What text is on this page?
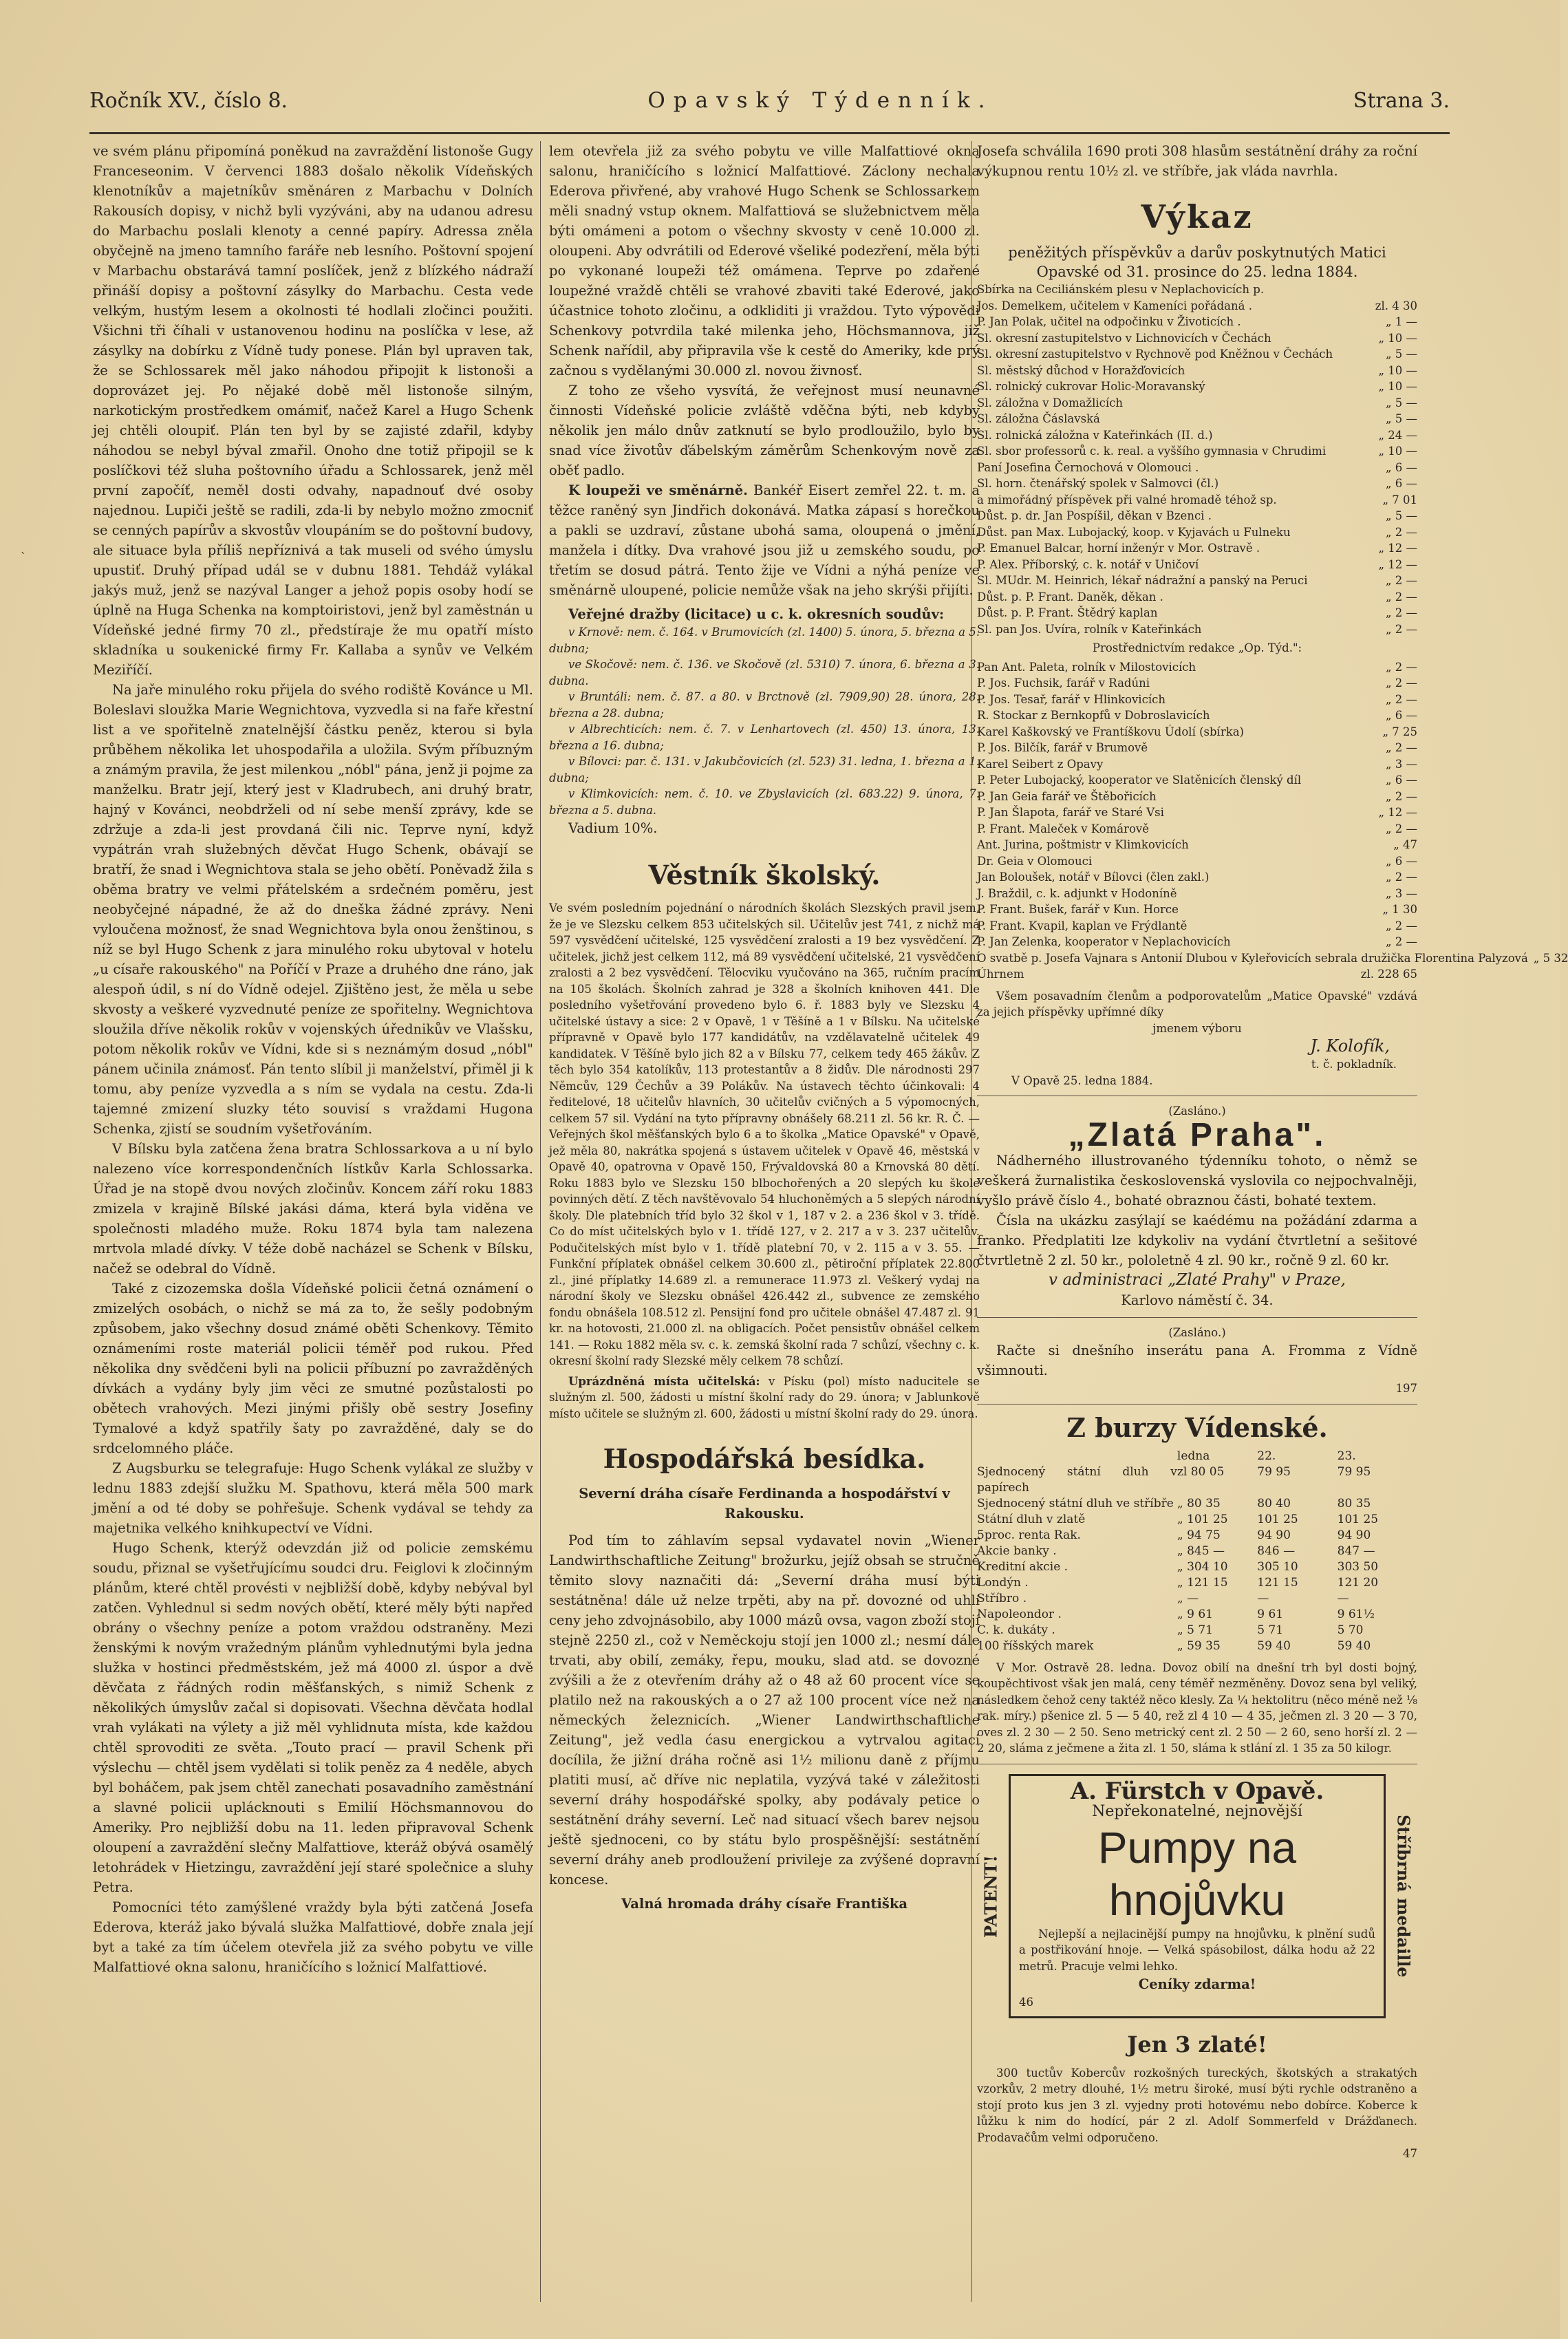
Ročník XV., číslo 8.	Opavský Týdenník.	Strana 3.

ve svém plánu připomíná poněkud na zavraždění listonoše Gugy Franceseonim. V červenci 1883 došalo několik Vídeňských klenotníkův a majetníkův směnáren z Marbachu v Dolních Rakousích dopisy, v nichž byli vyzýváni, aby na udanou adresu do Marbachu poslali klenoty a cenné papíry. Adressa zněla obyčejně na jmeno tamního faráře neb lesního. Poštovní spojení v Marbachu obstarává tamní poslíček, jenž z blízkého nádraží přináší dopisy a poštovní zásylky do Marbachu. Cesta vede velkým, hustým lesem a okolnosti té hodlali zločinci použiti. Všichni tři číhali v ustanovenou hodinu na poslíčka v lese, až zásylky na dobírku z Vídně tudy ponese. Plán byl upraven tak, že se Schlossarek měl jako náhodou připojit k listonoši a doprovázet jej. Po nějaké době měl listonoše silným, narkotickým prostředkem omámiť, načež Karel a Hugo Schenk jej chtěli oloupiť. Plán ten byl by se zajisté zdařil, kdyby náhodou se nebyl býval zmařil. Onoho dne totiž připojil se k poslíčkovi též sluha poštovního úřadu a Schlossarek, jenž měl první započíť, neměl dosti odvahy, napadnouť dvé osoby najednou. Lupiči ještě se radili, zda-li by nebylo možno zmocniť se cenných papírův a skvostův vloupáním se do poštovní budovy, ale situace byla příliš nepříznivá a tak museli od svého úmyslu upustiť. Druhý případ udál se v dubnu 1881. Tehdáž vylákal jakýs muž, jenž se nazýval Langer a jehož popis osoby hodí se úplně na Huga Schenka na komptoiristovi, jenž byl zaměstnán u Vídeňské jedné firmy 70 zl., předstíraje že mu opatří místo skladníka u soukenické firmy Fr. Kallaba a synův ve Velkém Meziříčí.

Na jaře minulého roku přijela do svého rodiště Kovánce u Ml. Boleslavi sloužka Marie Wegnichtova, vyzvedla si na faře křestní list a ve spořitelně znatelnější částku peněz, kterou si byla průběhem několika let uhospodařila a uložila. Svým příbuzným a známým pravila, že jest milenkou „nóbl" pána, jenž ji pojme za manželku. Bratr její, který jest v Kladrubech, ani druhý bratr, hajný v Kovánci, neobdrželi od ní sebe menší zprávy, kde se zdržuje a zda-li jest provdaná čili nic. Teprve nyní, když vypátrán vrah služebných děvčat Hugo Schenk, obávají se bratří, že snad i Wegnichtova stala se jeho obětí. Poněvadž žila s oběma bratry ve velmi přátelském a srdečném poměru, jest neobyčejné nápadné, že až do dneška žádné zprávy. Neni vyloučena možnosť, že snad Wegnichtova byla onou ženštinou, s níž se byl Hugo Schenk z jara minulého roku ubytoval v hotelu „u císaře rakouského" na Poříčí v Praze a druhého dne ráno, jak alespoň údil, s ní do Vídně odejel. Zjištěno jest, že měla u sebe skvosty a veškeré vyzvednuté peníze ze spořitelny. Wegnichtova sloužila dříve několik rokův v vojenských úřednikův ve Vlašsku, potom několik rokův ve Vídni, kde si s neznámým dosud „nóbl" pánem učinila známosť. Pán tento slíbil ji manželství, přiměl ji k tomu, aby peníze vyzvedla a s ním se vydala na cestu. Zda-li tajemné zmizení sluzky této souvisí s vraždami Hugona Schenka, zjistí se soudním vyšetřováním.

V Bílsku byla zatčena žena bratra Schlossarkova a u ní bylo nalezeno více korrespondenčních lístkův Karla Schlossarka. Úřad je na stopě dvou nových zločinův. Koncem září roku 1883 zmizela v krajině Bílské jakási dáma, která byla viděna ve společnosti mladého muže. Roku 1874 byla tam nalezena mrtvola mladé dívky. V téže době nacházel se Schenk v Bílsku, načež se odebral do Vídně.

Také z cizozemska došla Vídeňské policii četná oznámení o zmizelých osobách, o nichž se má za to, že sešly podobným způsobem, jako všechny dosud známé oběti Schenkovy. Těmito oznámeními roste materiál policii téměř pod rukou. Před několika dny svědčeni byli na policii příbuzní po zavražděných dívkách a vydány byly jim věci ze smutné pozůstalosti po obětech vrahových. Mezi jinými přišly obě sestry Josefiny Tymalové a když spatřily šaty po zavražděné, daly se do srdcelomného pláče.

Z Augsburku se telegrafuje: Hugo Schenk vylákal ze služby v lednu 1883 zdejší služku M. Spathovu, která měla 500 mark jmění a od té doby se pohřešuje. Schenk vydával se tehdy za majetnika velkého knihkupectví ve Vídni.

Hugo Schenk, kterýž odevzdán již od policie zemskému soudu, přiznal se vyšetřujícímu soudci dru. Feiglovi k zločinným plánům, které chtěl provésti v nejbližší době, kdyby nebýval byl zatčen. Vyhlednul si sedm nových obětí, které měly býti napřed obrány o všechny peníze a potom vraždou odstraněny. Mezi ženskými k novým vražedným plánům vyhlednutými byla jedna služka v hostinci předměstském, jež má 4000 zl. úspor a dvě děvčata z řádných rodin měšťanských, s nimiž Schenk z několikých úmyslův začal si dopisovati. Všechna děvčata hodlal vrah vylákati na výlety a již měl vyhlidnuta místa, kde každou chtěl sprovoditi ze světa. „Touto prací — pravil Schenk při výslechu — chtěl jsem vydělati si tolik peněz za 4 neděle, abych byl boháčem, pak jsem chtěl zanechati posavadního zaměstnání a slavné policii uplácknouti s Emilií Höchsmannovou do Ameriky. Pro nejbližší dobu na 11. leden připravoval Schenk oloupení a zavraždění slečny Malfattiove, kteráž obývá osamělý letohrádek v Hietzingu, zavraždění její staré společnice a sluhy Petra.

Pomocníci této zamýšlené vraždy byla býti zatčená Josefa Ederova, kteráž jako bývalá služka Malfattiové, dobře znala její byt a také za tím účelem otevřela již za svého pobytu ve ville Malfattiové okna salonu, hraničícího s ložnicí Malfattiové.

lem otevřela již za svého pobytu ve ville Malfattiové okna salonu, hraničícího s ložnicí Malfattiové. Záclony nechala Ederova přivřené, aby vrahové Hugo Schenk se Schlossarkem měli snadný vstup oknem. Malfattiová se služebnictvem měla býti omámeni a potom o všechny skvosty v ceně 10.000 zl. oloupeni. Aby odvrátili od Ederové všeliké podezření, měla býti po vykonané loupeži též omámena. Teprve po zdařené loupežné vraždě chtěli se vrahové zbaviti také Ederové, jako účastnice tohoto zločinu, a odkliditi ji vraždou. Tyto výpovědi Schenkovy potvrdila také milenka jeho, Höchsmannova, již Schenk nařídil, aby připravila vše k cestě do Ameriky, kde prý začnou s vydělanými 30.000 zl. novou živnosť.

Z toho ze všeho vysvítá, že veřejnost musí neunavné činnosti Vídeňské policie zvláště vděčna býti, neb kdyby několik jen málo dnův zatknutí se bylo prodloužilo, bylo by snad více životův ďábelským záměrům Schenkovým nově za oběť padlo.

K loupeži ve směnárně. Bankéř Eisert zemřel 22. t. m. a těžce raněný syn Jindřich dokonává. Matka zápasí s horečkou a pakli se uzdraví, zůstane ubohá sama, oloupená o jmění, manžela i dítky. Dva vrahové jsou již u zemského soudu, po třetím se dosud pátrá. Tento žije ve Vídni a nýhá peníze ve směnárně uloupené, policie nemůže však na jeho skrýši přijíti.

Veřejné dražby (licitace) u c. k. okresních soudův:

v Krnově: nem. č. 164. v Brumovicích (zl. 1400) 5. února, 5. března a 5. dubna;

ve Skočově: nem. č. 136. ve Skočově (zl. 5310) 7. února, 6. března a 3. dubna.

v Bruntáli: nem. č. 87. a 80. v Brctnově (zl. 7909,90) 28. února, 28. března a 28. dubna;

v Albrechticích: nem. č. 7. v Lenhartovech (zl. 450) 13. února, 13. března a 16. dubna;

v Bílovci: par. č. 131. v Jakubčovicích (zl. 523) 31. ledna, 1. března a 1. dubna;

v Klimkovicích: nem. č. 10. ve Zbyslavicích (zl. 683.22) 9. února, 7. března a 5. dubna.

Vadium 10%.

Věstník školský.
Ve svém posledním pojednání o národních školách Slezských pravil jsem, že je ve Slezsku celkem 853 učitelských sil. Učitelův jest 741, z nichž má 597 vysvědčení učitelské, 125 vysvědčení zralosti a 19 bez vysvědčení. Z učitelek, jichž jest celkem 112, má 89 vysvědčení učitelské, 21 vysvědčení zralosti a 2 bez vysvědčení. Tělocviku vyučováno na 365, ručním pracím na 105 školách. Školních zahrad je 328 a školních knihoven 441. Dle posledního vyšetřování provedeno bylo 6. ř. 1883 byly ve Slezsku 4 učitelské ústavy a sice: 2 v Opavě, 1 v Těšíně a 1 v Bílsku. Na učitelské přípravně v Opavě bylo 177 kandidátův, na vzdělavatelně učitelek 49 kandidatek. V Těšíně bylo jich 82 a v Bílsku 77, celkem tedy 465 žákův. Z těch bylo 354 katolíkův, 113 protestantův a 8 židův. Dle národnosti 297 Němcův, 129 Čechův a 39 Polákův. Na ústavech těchto účinkovali: 4 ředitelové, 18 učitelův hlavních, 30 učitelův cvičných a 5 výpomocných, celkem 57 sil. Vydání na tyto přípravny obnášely 68.211 zl. 56 kr. R. Č. — Veřejných škol měšťanských bylo 6 a to školka „Matice Opavské" v Opavě, jež měla 80, nakrátka spojená s ústavem učitelek v Opavě 46, městská v Opavě 40, opatrovna v Opavě 150, Frývaldovská 80 a Krnovská 80 dětí. Roku 1883 bylo ve Slezsku 150 blbochořených a 20 slepých ku škole povinných dětí. Z těch navštěvovalo 54 hluchoněmých a 5 slepých národní školy. Dle platebních tříd bylo 32 škol v 1, 187 v 2. a 236 škol v 3. třídě. Co do míst učitelských bylo v 1. třídě 127, v 2. 217 a v 3. 237 učitelův. Podučitelských míst bylo v 1. třídě platební 70, v 2. 115 a v 3. 55. — Funkční příplatek obnášel celkem 30.600 zl., pětiroční příplatek 22.800 zl., jiné příplatky 14.689 zl. a remunerace 11.973 zl. Veškerý vydaj na národní školy ve Slezsku obnášel 426.442 zl., subvence ze zemského fondu obnášela 108.512 zl. Pensijní fond pro učitele obnášel 47.487 zl. 91 kr. na hotovosti, 21.000 zl. na obligacích. Počet pensistův obnášel celkem 141. — Roku 1882 měla sv. c. k. zemská školní rada 7 schůzí, všechny c. k. okresní školní rady Slezské měly celkem 78 schůzí.

Uprázdněná místa učitelská: v Písku (pol) místo naducitele se služným zl. 500, žádosti u místní školní rady do 29. února; v Jablunkově místo učitele se služným zl. 600, žádosti u místní školní rady do 29. února.

Hospodářská besídka.
Severní dráha císaře Ferdinanda a hospodářství v Rakousku.

Pod tím to záhlavím sepsal vydavatel novin „Wiener Landwirthschaftliche Zeitung" brožurku, jejíž obsah se stručně těmito slovy naznačiti dá: „Severní dráha musí býti sestátněna! dále už nelze trpěti, aby na př. dovozné od uhlí ceny jeho zdvojnásobilo, aby 1000 mázů ovsa, vagon zboží stojí stejně 2250 zl., což v Neměckoju stojí jen 1000 zl.; nesmí dále trvati, aby obilí, zemáky, řepu, mouku, slad atd. se dovozné zvýšili a že z otevřením dráhy až o 48 až 60 procent více se platilo než na rakouských a o 27 až 100 procent více než na německých železnicích. „Wiener Landwirthschaftliche Zeitung", jež vedla ćasu energickou a vytrvalou agitaci docílila, že jižní dráha ročně asi 1½ milionu daně z příjmu platiti musí, ač dříve nic neplatila, vyzývá také v záležitosti severní dráhy hospodářské spolky, aby podávaly petice o sestátnění dráhy severní. Leč nad situací všech barev nejsou ještě sjednoceni, co by státu bylo prospěšnější: sestátnění severní dráhy aneb prodloužení privileje za zvýšené dopravní koncese.

Valná hromada dráhy císaře Františka

Josefa schválila 1690 proti 308 hlasům sestátnění dráhy za roční výkupnou rentu 10½ zl. ve stříbře, jak vláda navrhla.

Výkaz
peněžitých příspěvkův a darův poskytnutých Matici Opavské od 31. prosince do 25. ledna 1884.
Sbírka na Ceciliánském plesu v Neplachovicích p.
Jos. Demelkem, učitelem v Kameníci pořádaná .	zl. 4 30
P. Jan Polak, učitel na odpočinku v Životicích .	„ 1 —
Sl. okresní zastupitelstvo v Lichnovicích v Čechách	„ 10 —
Sl. okresní zastupitelstvo v Rychnově pod Kněžnou v Čechách	„ 5 —
Sl. městský důchod v Horažďovicích	„ 10 —
Sl. rolnický cukrovar Holic-Moravanský	„ 10 —
Sl. záložna v Domažlicích	„ 5 —
Sl. záložna Čáslavská	„ 5 —
Sl. rolnická záložna v Kateřinkách (II. d.)	„ 24 —
Sl. sbor professorů c. k. real. a vyššího gymnasia v Chrudimi	„ 10 —
Paní Josefina Černochová v Olomouci .	„ 6 —
Sl. horn. čtenářský spolek v Salmovci (čl.)	„ 6 —
a mimořádný příspěvek při valné hromadě téhož sp.	„ 7 01
Důst. p. dr. Jan Pospíšil, děkan v Bzenci .	„ 5 —
Důst. pan Max. Lubojacký, koop. v Kyjavách u Fulneku	„ 2 —
P. Emanuel Balcar, horní inženýr v Mor. Ostravě .	„ 12 —
P. Alex. Příborský, c. k. notář v Uničoví	„ 12 —
Sl. MUdr. M. Heinrich, lékař nádražní a panský na Peruci	„ 2 —
Důst. p. P. Frant. Daněk, děkan .	„ 2 —
Důst. p. P. Frant. Štědrý kaplan	„ 2 —
Sl. pan Jos. Uvíra, rolník v Kateřinkách	„ 2 —
Prostřednictvím redakce „Op. Týd.":
Pan Ant. Paleta, rolník v Milostovicích	„ 2 —
P. Jos. Fuchsik, farář v Radúni	„ 2 —
P. Jos. Tesař, farář v Hlinkovicích	„ 2 —
R. Stockar z Bernkopfů v Dobroslavicích	„ 6 —
Karel Kaškovský ve Frantíškovu Údolí (sbírka)	„ 7 25
P. Jos. Bilčík, farář v Brumově	„ 2 —
Karel Seibert z Opavy	„ 3 —
P. Peter Lubojacký, kooperator ve Slatěnicích členský díl	„ 6 —
P. Jan Geia farář ve Štěbořicích	„ 2 —
P. Jan Šlapota, farář ve Staré Vsi	„ 12 —
P. Frant. Maleček v Komárově	„ 2 —
Ant. Jurina, poštmistr v Klimkovicích	„ 47
Dr. Geia v Olomouci	„ 6 —
Jan Boloušek, notář v Bílovci (člen zakl.)	„ 2 —
J. Braždil, c. k. adjunkt v Hodoníně	„ 3 —
P. Frant. Bušek, farář v Kun. Horce	„ 1 30
P. Frant. Kvapil, kaplan ve Frýdlantě	„ 2 —
P. Jan Zelenka, kooperator v Neplachovicích	„ 2 —
O svatbě p. Josefa Vajnara s Antonií Dlubou v Kyleřovicích sebrala družička Florentina Palyzová „ 5 32
Úhrnem	zl. 228 65

Všem posavadním členům a podporovatelům „Matice Opavské" vzdává za jejich příspěvky upřímné díky

jmenem výboru
J. Kolofík,
t. č. pokladník.
V Opavě 25. ledna 1884.
(Zasláno.)
„Zlatá Praha".

Nádherného illustrovaného týdenníku tohoto, o němž se veškerá žurnalistika československá vyslovila co nejpochvalněji, vyšlo právě číslo 4., bohaté obraznou části, bohaté textem.

Čísla na ukázku zasýlají se kaédému na požádání zdarma a franko. Předplatiti lze kdykoliv na vydání čtvrtletní a sešitové čtvrtletně 2 zl. 50 kr., pololetně 4 zl. 90 kr., ročně 9 zl. 60 kr.

v administraci „Zlaté Prahy" v Praze,
Karlovo náměstí č. 34.
(Zasláno.)

Račte si dnešního inserátu pana A. Fromma z Vídně všimnouti.

197
Z burzy Vídenské.
ledna	22.	23.
Sjednocený státní dluh v papírech
zl 80 05	79 95	79 95
Sjednocený státní dluh ve stříbře „ 80 35	80 40	80 35
Státní dluh v zlatě	„ 101 25	101 25	101 25
5proc. renta Rak.	„ 94 75	94 90	94 90
Akcie banky .	„ 845 —	846 —	847 —
Kreditní akcie .	„ 304 10	305 10	303 50
Londýn .	„ 121 15	121 15	121 20
Stříbro .	„ —	—	—
Napoleondor .	„ 9 61	9 61	9 61½
C. k. dukáty .	„ 5 71	5 71	5 70
100 říšských marek	„ 59 35	59 40	59 40

V Mor. Ostravě 28. ledna. Dovoz obilí na dnešní trh byl dosti bojný, koupěchtivost však jen malá, ceny téměř nezměněny. Dovoz sena byl veliký, následkem čehož ceny taktéž něco klesly. Za ¼ hektolitru (něco méně než ⅛ rak. míry.) pšenice zl. 5 — 5 40, rež zl 4 10 — 4 35, ječmen zl. 3 20 — 3 70, oves zl. 2 30 — 2 50. Seno metrický cent zl. 2 50 — 2 60, seno horší zl. 2 — 2 20, sláma z ječmene a žita zl. 1 50, sláma k stlání zl. 1 35 za 50 kilogr.

PATENT!	Stříbrná medaille
A. Fürstch v Opavě.
Nepřekonatelné, nejnovější
Pumpy na hnojůvku

Nejlepší a nejlacinější pumpy na hnojůvku, k plnění sudů a postřikování hnoje. — Velká spásobilost, dálka hodu až 22 metrů. Pracuje velmi lehko.

Ceníky zdarma!
46
Jen 3 zlaté!

300 tuctův Kobercův rozkošných tureckých, škotských a strakatých vzorkův, 2 metry dlouhé, 1½ metru široké, musí býti rychle odstraněno a stojí proto kus jen 3 zl. vyjedny proti hotovému nebo dobírce. Koberce k lůžku k nim do hodící, pár 2 zl. Adolf Sommerfeld v Drážďanech. Prodavačům velmi odporučeno.

47
`
